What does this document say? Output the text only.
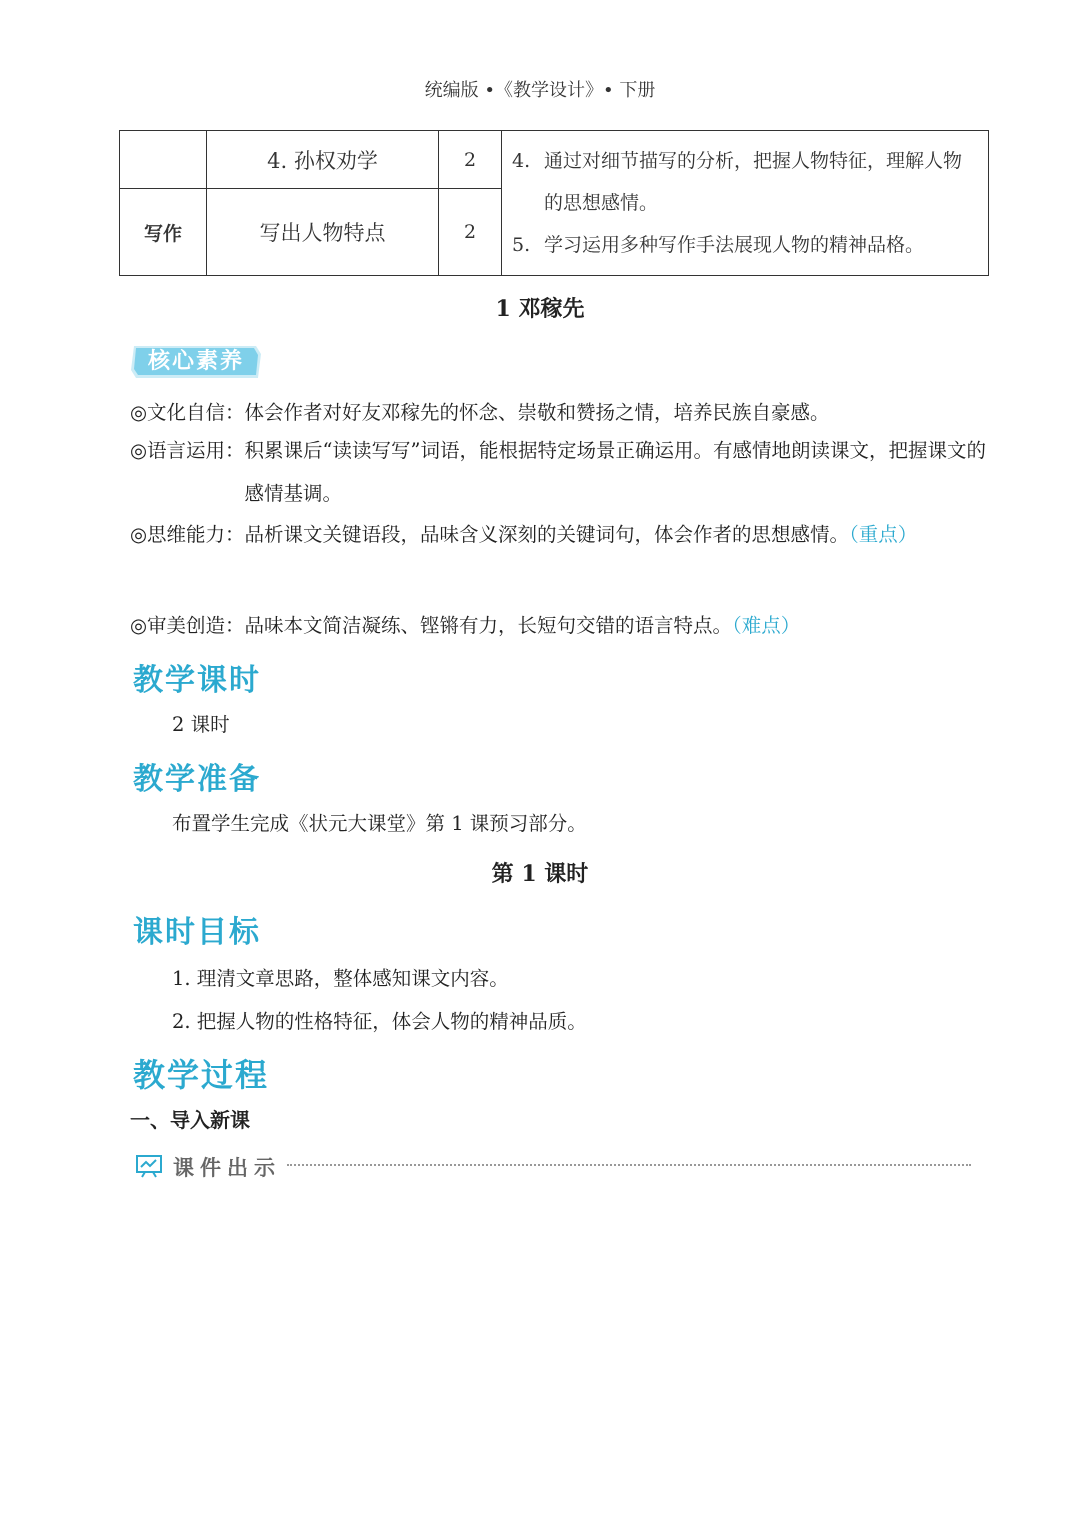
统编版 •《教学设计》• 下册
	4. 孙权劝学	2	4. 通过对细节描写的分析，把握人物特征，理解人物的思想感情。
5. 学习运用多种写作手法展现人物的精神品格。

写作	写出人物特点	2	
1 邓稼先
核心素养
◎文化自信：体会作者对好友邓稼先的怀念、崇敬和赞扬之情，培养民族自豪感。
◎语言运用： 积累课后“读读写写”词语，能根据特定场景正确运用。有感情地朗读课文，把握课文的感情基调。
◎思维能力： 品析课文关键语段，品味含义深刻的关键词句，体会作者的思想感情。（重点）
◎审美创造：品味本文简洁凝练、铿锵有力，长短句交错的语言特点。（难点）
教学课时
2 课时
教学准备
布置学生完成《状元大课堂》第 1 课预习部分。
第 1 课时
课时目标
1. 理清文章思路，整体感知课文内容。
2. 把握人物的性格特征，体会人物的精神品质。
教学过程
一、导入新课
课件出示
